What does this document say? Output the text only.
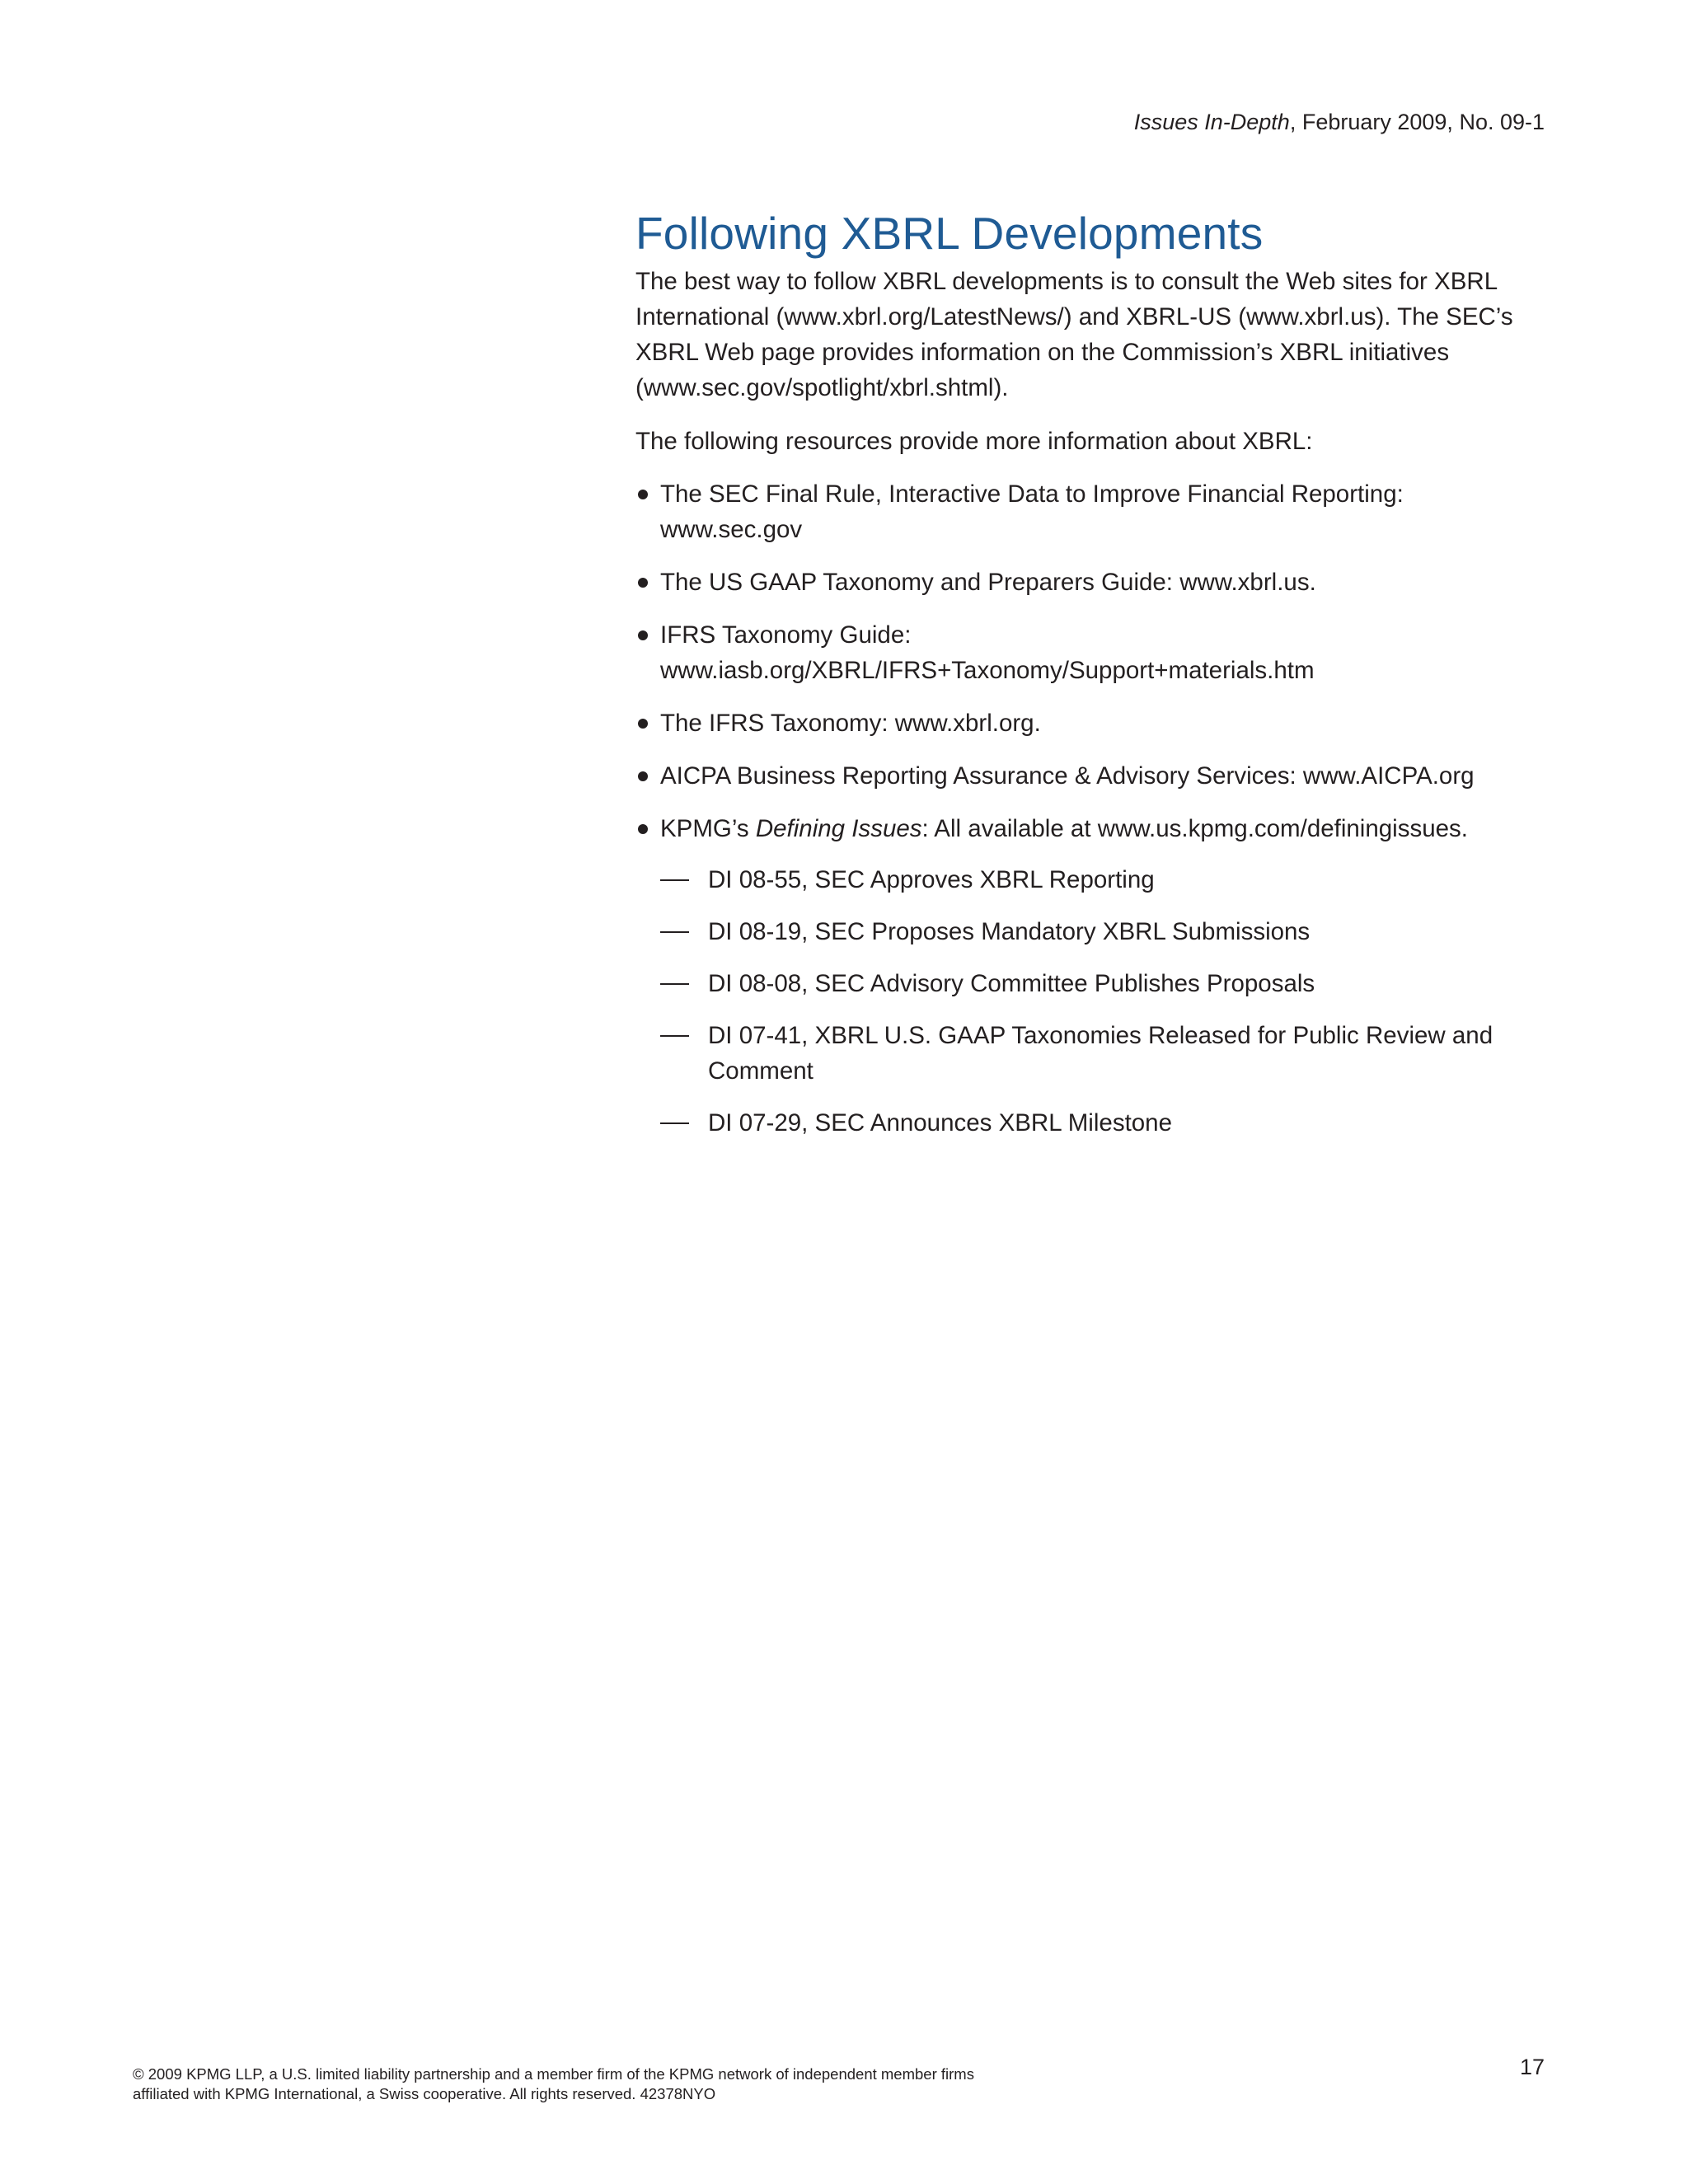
Issues In-Depth, February 2009, No. 09-1
Following XBRL Developments

The best way to follow XBRL developments is to consult the Web sites for XBRL International (www.xbrl.org/LatestNews/) and XBRL-US (www.xbrl.us). The SEC’s XBRL Web page provides information on the Commission’s XBRL initiatives (www.sec.gov/spotlight/xbrl.shtml).

The following resources provide more information about XBRL:

The SEC Final Rule, Interactive Data to Improve Financial Reporting: www.sec.gov
The US GAAP Taxonomy and Preparers Guide: www.xbrl.us.
IFRS Taxonomy Guide: www.iasb.org/XBRL/IFRS+Taxonomy/Support+materials.htm
The IFRS Taxonomy: www.xbrl.org.
AICPA Business Reporting Assurance & Advisory Services: www.AICPA.org
KPMG’s Defining Issues: All available at www.us.kpmg.com/definingissues.
DI 08-55, SEC Approves XBRL Reporting
DI 08-19, SEC Proposes Mandatory XBRL Submissions
DI 08-08, SEC Advisory Committee Publishes Proposals
DI 07-41, XBRL U.S. GAAP Taxonomies Released for Public Review and Comment
DI 07-29, SEC Announces XBRL Milestone
© 2009 KPMG LLP, a U.S. limited liability partnership and a member firm of the KPMG network of independent member firms
affiliated with KPMG International, a Swiss cooperative. All rights reserved. 42378NYO
17
